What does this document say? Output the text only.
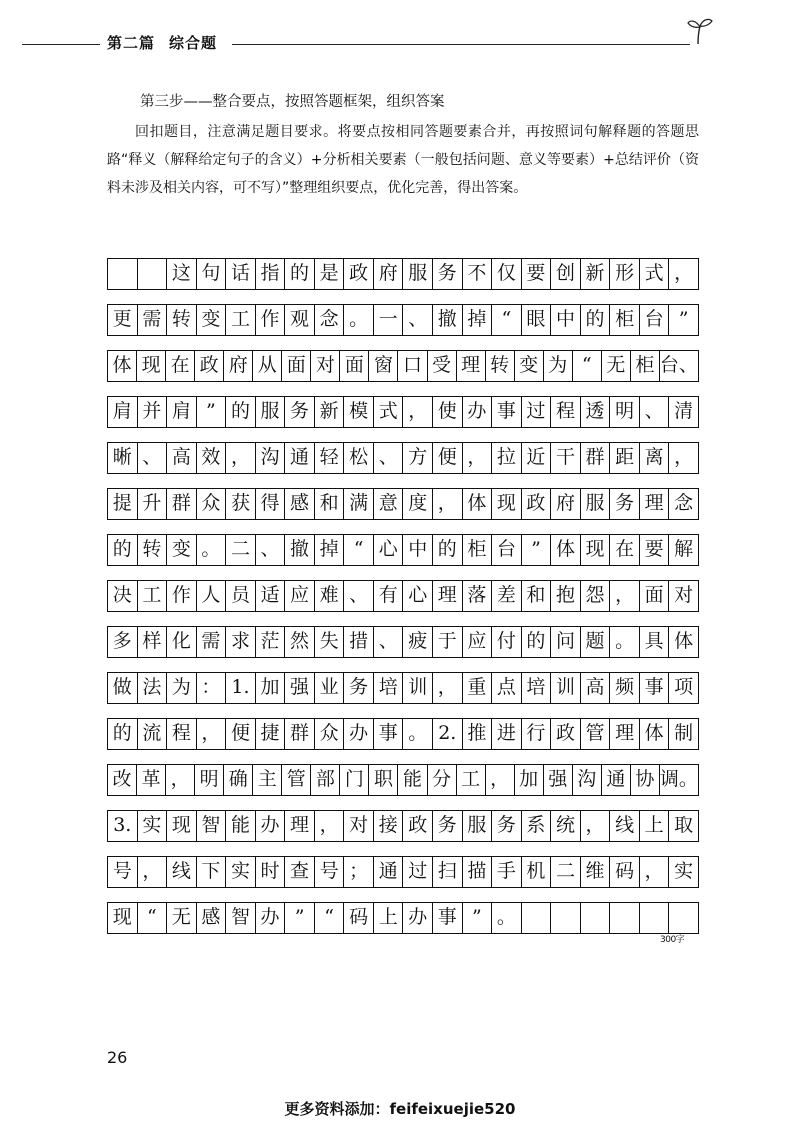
第二篇 综合题
第三步——整合要点，按照答题框架，组织答案
回扣题目，注意满足题目要求。将要点按相同答题要素合并，再按照词句解释题的答题思路“释义（解释给定句子的含义）+分析相关要素（一般包括问题、意义等要素）+总结评价（资料未涉及相关内容，可不写）”整理组织要点，优化完善，得出答案。
这 句 话 指 的 是 政 府 服 务 不 仅 要 创 新 形 式 ，
更 需 转 变 工 作 观 念 。 一 、 撤 掉 “ 眼 中 的 柜 台 ”
体 现 在 政 府 从 面 对 面 窗 口 受 理 转 变 为 “ 无 柜 台、
肩 并 肩 ” 的 服 务 新 模 式 ， 使 办 事 过 程 透 明 、 清
晰 、 高 效 ， 沟 通 轻 松 、 方 便 ， 拉 近 干 群 距 离 ，
提 升 群 众 获 得 感 和 满 意 度 ， 体 现 政 府 服 务 理 念
的 转 变 。 二 、 撤 掉 “ 心 中 的 柜 台 ” 体 现 在 要 解
决 工 作 人 员 适 应 难 、 有 心 理 落 差 和 抱 怨 ， 面 对
多 样 化 需 求 茫 然 失 措 、 疲 于 应 付 的 问 题 。 具 体
做 法 为 ： 1. 加 强 业 务 培 训 ， 重 点 培 训 高 频 事 项
的 流 程 ， 便 捷 群 众 办 事 。 2. 推 进 行 政 管 理 体 制
改 革 ， 明 确 主 管 部 门 职 能 分 工 ， 加 强 沟 通 协 调。
3. 实 现 智 能 办 理 ， 对 接 政 务 服 务 系 统 ， 线 上 取
号 ， 线 下 实 时 查 号 ； 通 过 扫 描 手 机 二 维 码 ， 实
现 “ 无 感 智 办 ”	“ 码 上 办 事 ” 。
300字
26
更多资料添加：feifeixuejie520
